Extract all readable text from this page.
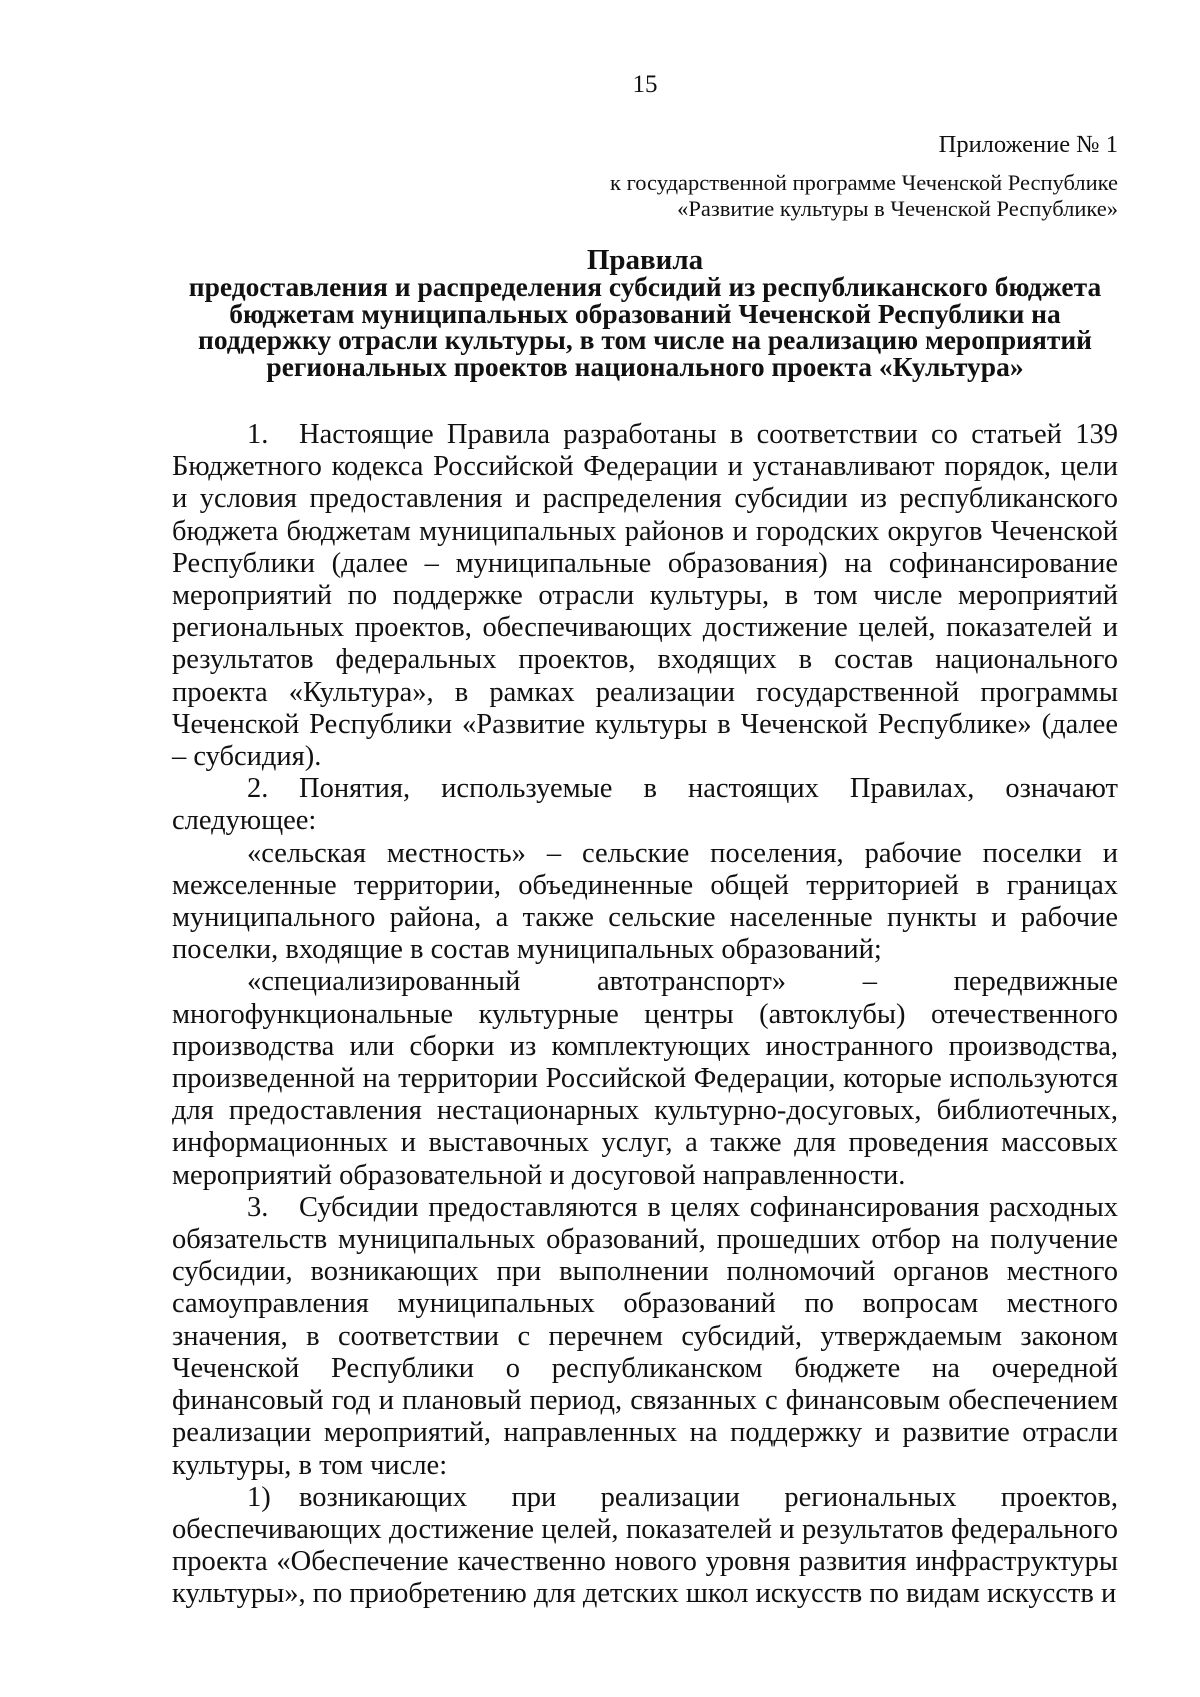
15
Приложение № 1
к государственной программе Чеченской Республике
«Развитие культуры в Чеченской Республике»
Правила
предоставления и распределения субсидий из республиканского бюджета
бюджетам муниципальных образований Чеченской Республики на
поддержку отрасли культуры, в том числе на реализацию мероприятий
региональных проектов национального проекта «Культура»

1. Настоящие Правила разработаны в соответствии со статьей 139 Бюджетного кодекса Российской Федерации и устанавливают порядок, цели и условия предоставления и распределения субсидии из республиканского бюджета бюджетам муниципальных районов и городских округов Чеченской Республики (далее – муниципальные образования) на софинансирование мероприятий по поддержке отрасли культуры, в том числе мероприятий региональных проектов, обеспечивающих достижение целей, показателей и результатов федеральных проектов, входящих в состав национального проекта «Культура», в рамках реализации государственной программы Чеченской Республики «Развитие культуры в Чеченской Республике» (далее – субсидия).

2. Понятия, используемые в настоящих Правилах, означают следующее:

«сельская местность» – сельские поселения, рабочие поселки и межселенные территории, объединенные общей территорией в границах муниципального района, а также сельские населенные пункты и рабочие поселки, входящие в состав муниципальных образований;

«специализированный автотранспорт» – передвижные многофункциональные культурные центры (автоклубы) отечественного производства или сборки из комплектующих иностранного производства, произведенной на территории Российской Федерации, которые используются для предоставления нестационарных культурно-досуговых, библиотечных, информационных и выставочных услуг, а также для проведения массовых мероприятий образовательной и досуговой направленности.

3. Субсидии предоставляются в целях софинансирования расходных обязательств муниципальных образований, прошедших отбор на получение субсидии, возникающих при выполнении полномочий органов местного самоуправления муниципальных образований по вопросам местного значения, в соответствии с перечнем субсидий, утверждаемым законом Чеченской Республики о республиканском бюджете на очередной финансовый год и плановый период, связанных с финансовым обеспечением реализации мероприятий, направленных на поддержку и развитие отрасли культуры, в том числе:

1) возникающих при реализации региональных проектов, обеспечивающих достижение целей, показателей и результатов федерального проекта «Обеспечение качественно нового уровня развития инфраструктуры культуры», по приобретению для детских школ искусств по видам искусств и
